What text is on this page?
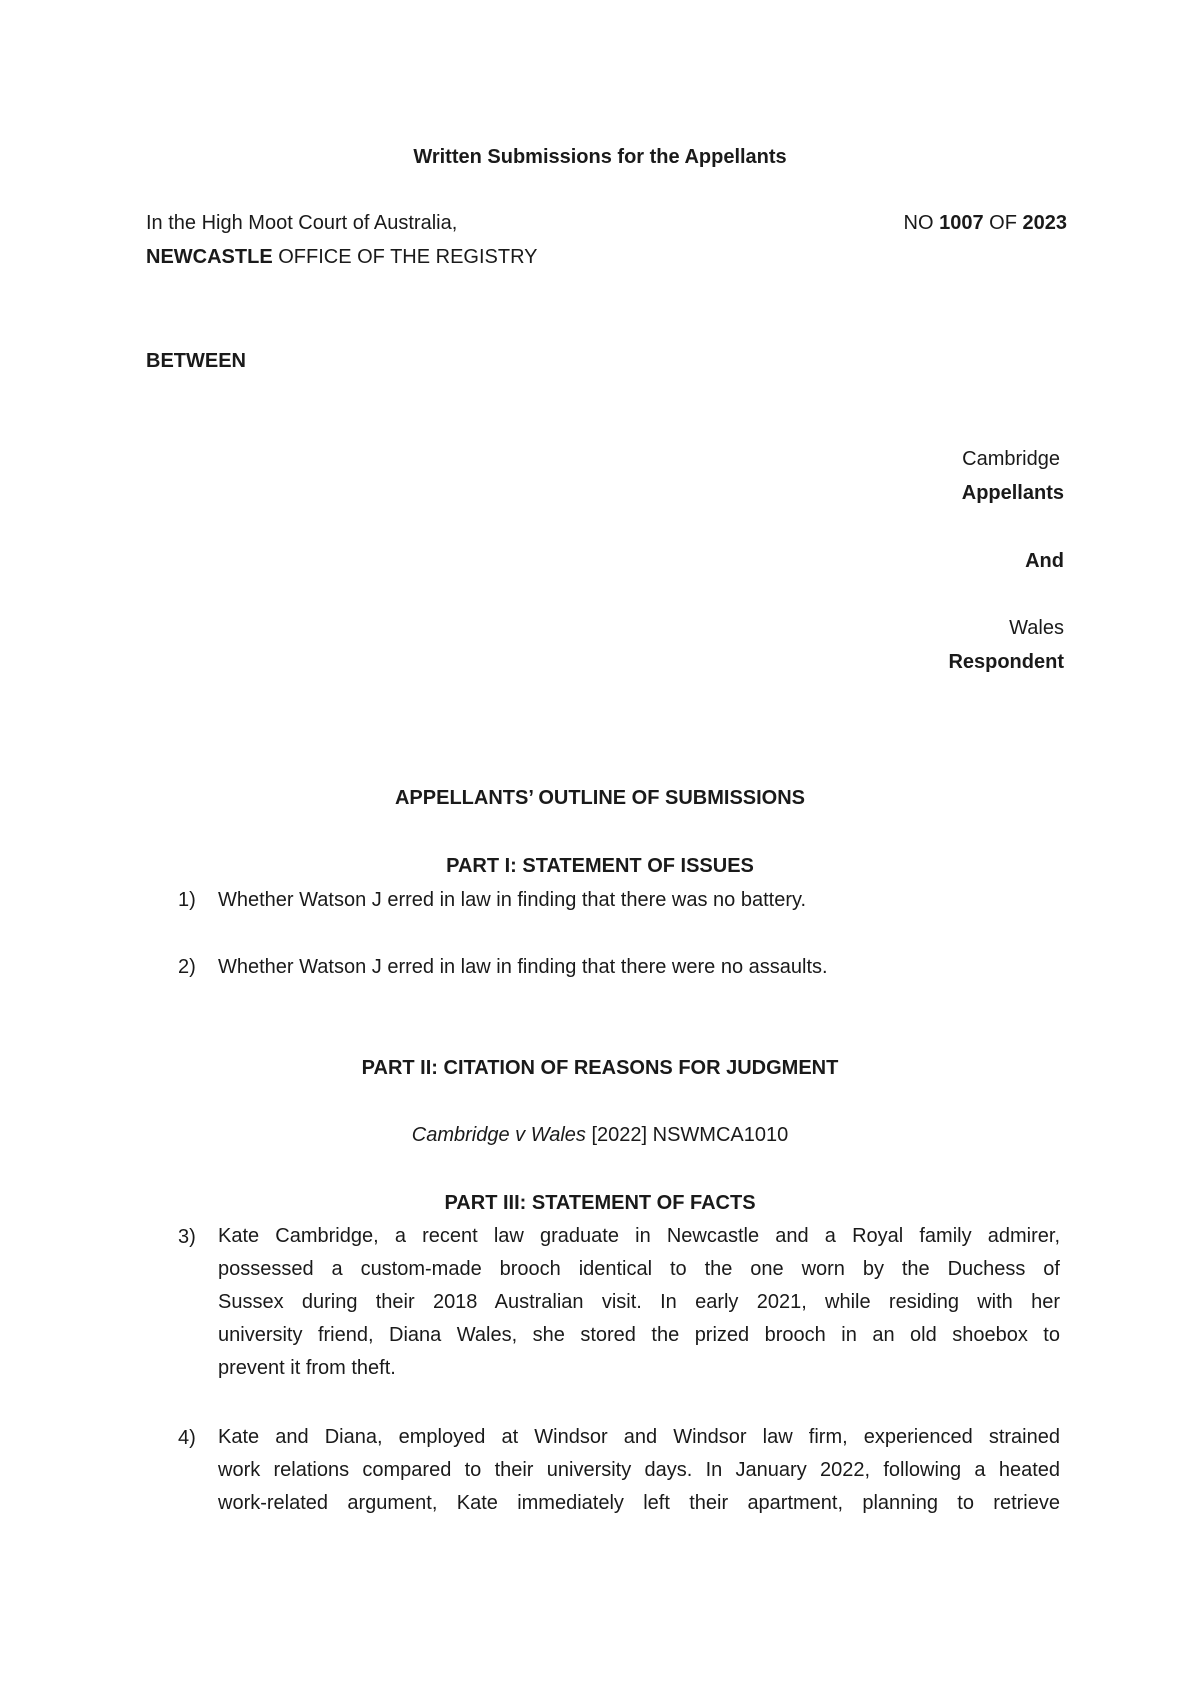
Written Submissions for the Appellants
In the High Moot Court of Australia,
NEWCASTLE OFFICE OF THE REGISTRY
NO 1007 OF 2023
BETWEEN
Cambridge
Appellants
And
Wales
Respondent
APPELLANTS’ OUTLINE OF SUBMISSIONS
PART I: STATEMENT OF ISSUES
1) Whether Watson J erred in law in finding that there was no battery.
2) Whether Watson J erred in law in finding that there were no assaults.
PART II: CITATION OF REASONS FOR JUDGMENT
Cambridge v Wales [2022] NSWMCA1010
PART III: STATEMENT OF FACTS
3) Kate Cambridge, a recent law graduate in Newcastle and a Royal family admirer,
possessed a custom-made brooch identical to the one worn by the Duchess of
Sussex during their 2018 Australian visit. In early 2021, while residing with her
university friend, Diana Wales, she stored the prized brooch in an old shoebox to
prevent it from theft.
4) Kate and Diana, employed at Windsor and Windsor law firm, experienced strained
work relations compared to their university days. In January 2022, following a heated
work-related argument, Kate immediately left their apartment, planning to retrieve
